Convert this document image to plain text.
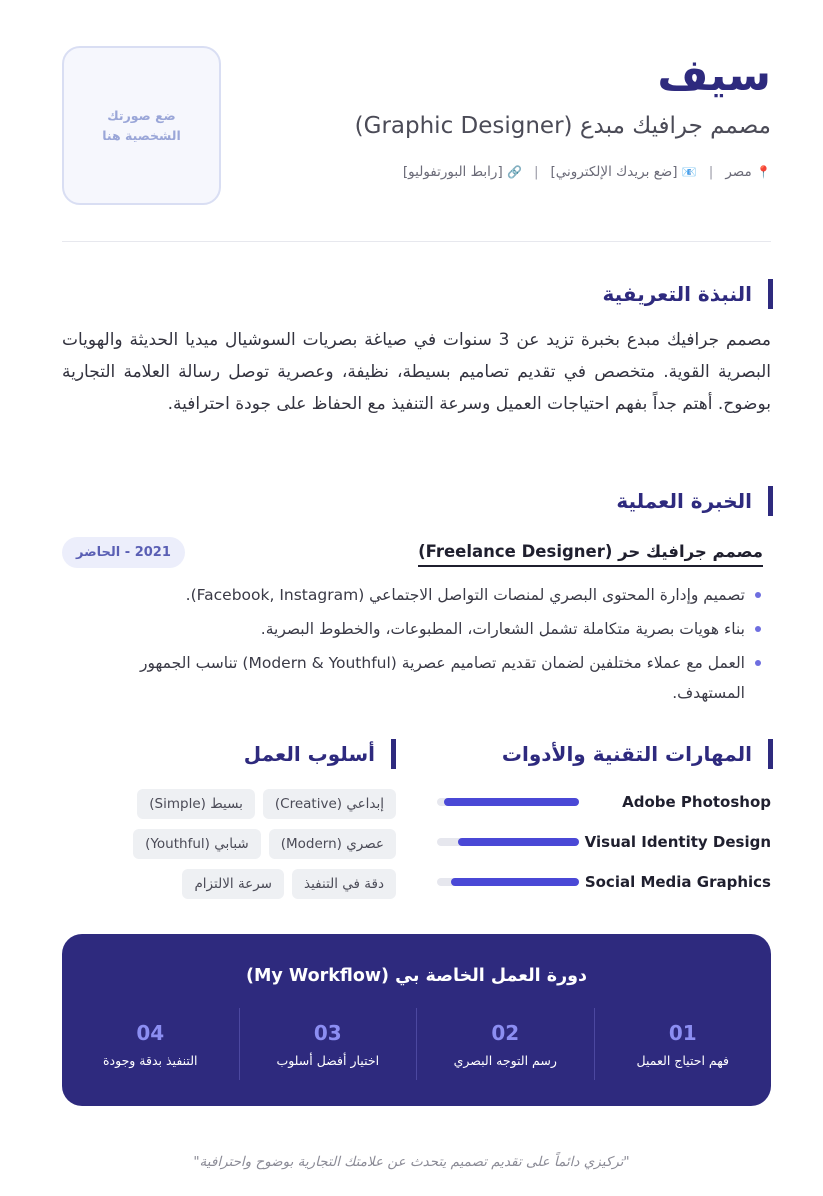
ضع صورتك الشخصية هنا
سيف
مصمم جرافيك مبدع (Graphic Designer)
📍 مصر
|
📧 [ضع بريدك الإلكتروني]
|
🔗 [رابط البورتفوليو]
النبذة التعريفية
مصمم جرافيك مبدع بخبرة تزيد عن 3 سنوات في صياغة بصريات السوشيال ميديا الحديثة والهويات البصرية القوية. متخصص في تقديم تصاميم بسيطة، نظيفة، وعصرية توصل رسالة العلامة التجارية بوضوح. أهتم جداً بفهم احتياجات العميل وسرعة التنفيذ مع الحفاظ على جودة احترافية.
الخبرة العملية
مصمم جرافيك حر (Freelance Designer)
2021 - الحاضر
تصميم وإدارة المحتوى البصري لمنصات التواصل الاجتماعي (Facebook, Instagram).
بناء هويات بصرية متكاملة تشمل الشعارات، المطبوعات، والخطوط البصرية.
العمل مع عملاء مختلفين لضمان تقديم تصاميم عصرية (Modern & Youthful) تناسب الجمهور المستهدف.
المهارات التقنية والأدوات
Adobe Photoshop
Visual Identity Design
Social Media Graphics
أسلوب العمل
إبداعي (Creative)
بسيط (Simple)
عصري (Modern)
شبابي (Youthful)
دقة في التنفيذ
سرعة الالتزام
دورة العمل الخاصة بي (My Workflow)
01
فهم احتياج العميل
02
رسم التوجه البصري
03
اختيار أفضل أسلوب
04
التنفيذ بدقة وجودة
"تركيزي دائماً على تقديم تصميم يتحدث عن علامتك التجارية بوضوح واحترافية"
